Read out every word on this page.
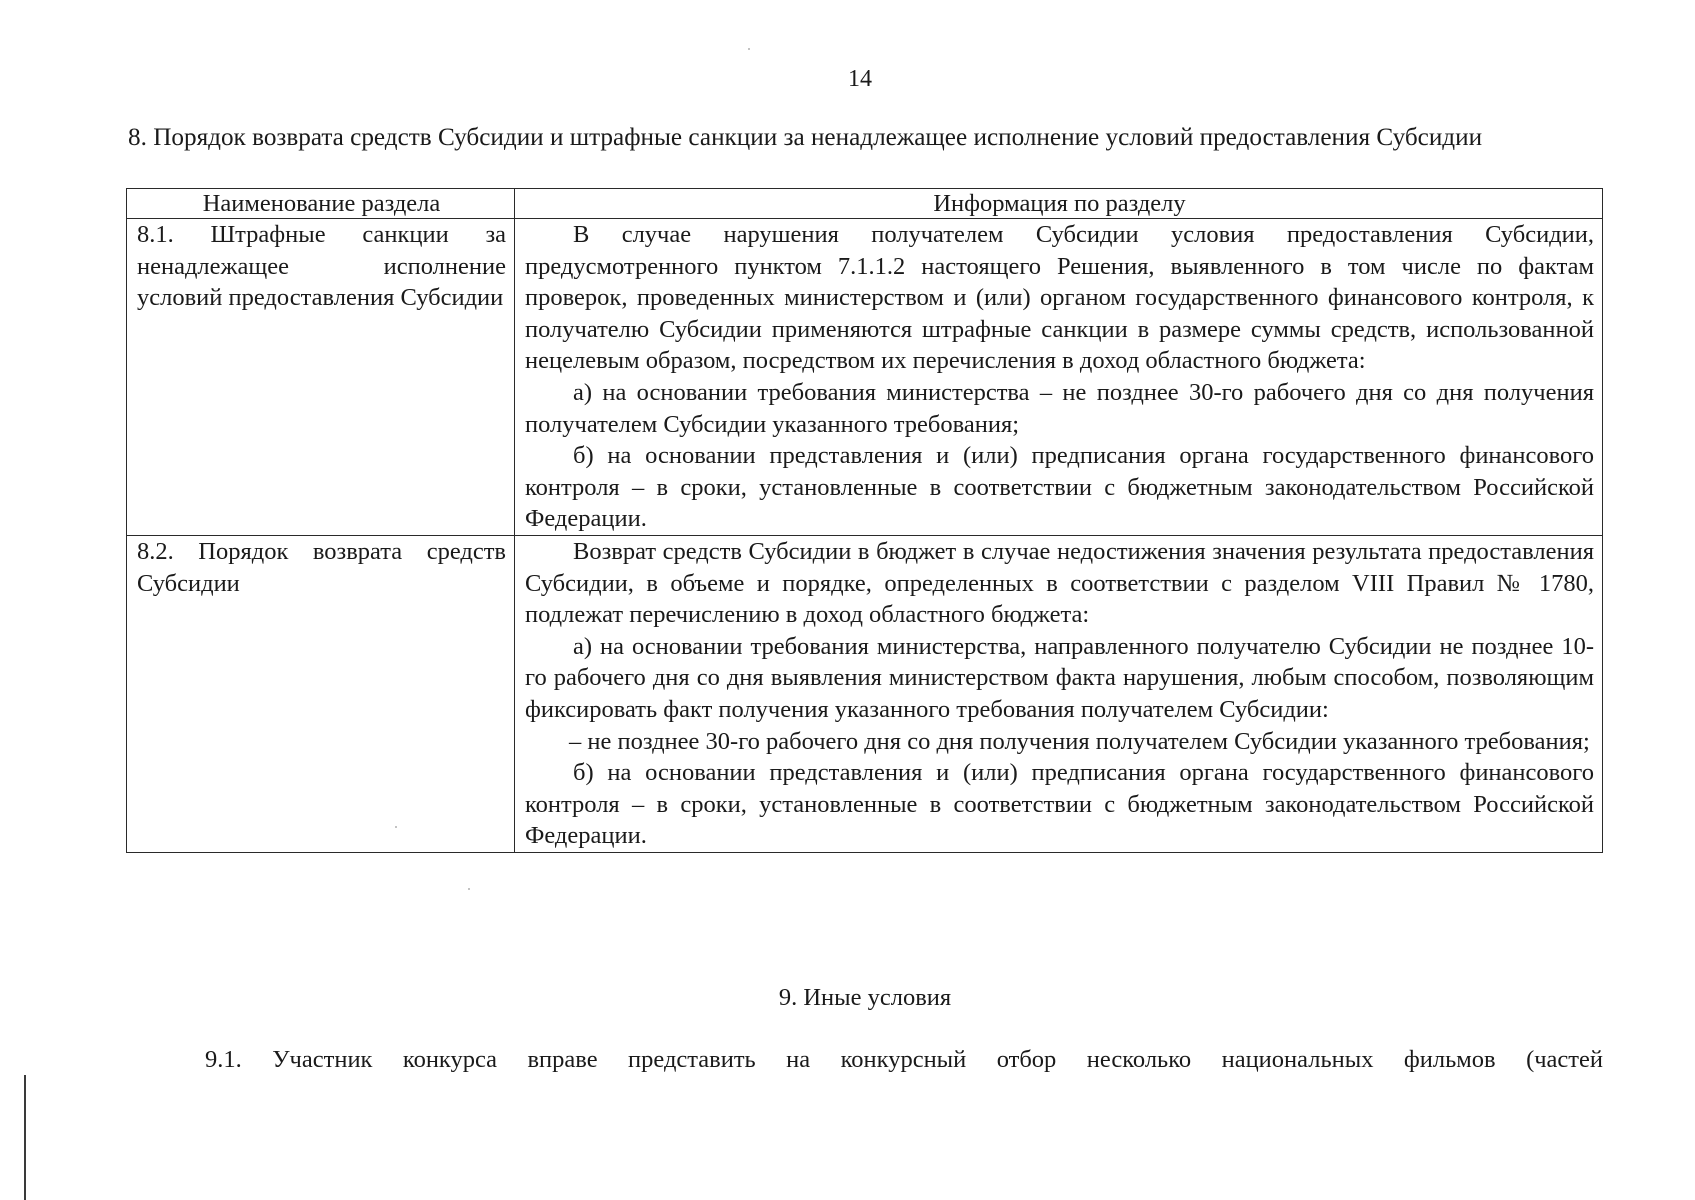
14
8. Порядок возврата средств Субсидии и штрафные санкции за ненадлежащее исполнение условий предоставления Субсидии
Наименование раздела	Информация по разделу
8.1. Штрафные санкции за ненадлежащее исполнение условий предоставления Субсидии	В случае нарушения получателем Субсидии условия предоставления Субсидии, предусмотренного пунктом 7.1.1.2 настоящего Решения, выявленного в том числе по фактам проверок, проведенных министерством и (или) органом государственного финансового контроля, к получателю Субсидии применяются штрафные санкции в размере суммы средств, использованной нецелевым образом, посредством их перечисления в доход областного бюджета:

а) на основании требования министерства – не позднее 30-го рабочего дня со дня получения получателем Субсидии указанного требования;

б) на основании представления и (или) предписания органа государственного финансового контроля – в сроки, установленные в соответствии с бюджетным законодательством Российской Федерации.

8.2. Порядок возврата средств Субсидии	Возврат средств Субсидии в бюджет в случае недостижения значения результата предоставления Субсидии, в объеме и порядке, определенных в соответствии с разделом VIII Правил № 1780, подлежат перечислению в доход областного бюджета:

а) на основании требования министерства, направленного получателю Субсидии не позднее 10-го рабочего дня со дня выявления министерством факта нарушения, любым способом, позволяющим фиксировать факт получения указанного требования получателем Субсидии:

– не позднее 30-го рабочего дня со дня получения получателем Субсидии указанного требования;

б) на основании представления и (или) предписания органа государственного финансового контроля – в сроки, установленные в соответствии с бюджетным законодательством Российской Федерации.

9. Иные условия
9.1. Участник конкурса вправе представить на конкурсный отбор несколько национальных фильмов (частей
